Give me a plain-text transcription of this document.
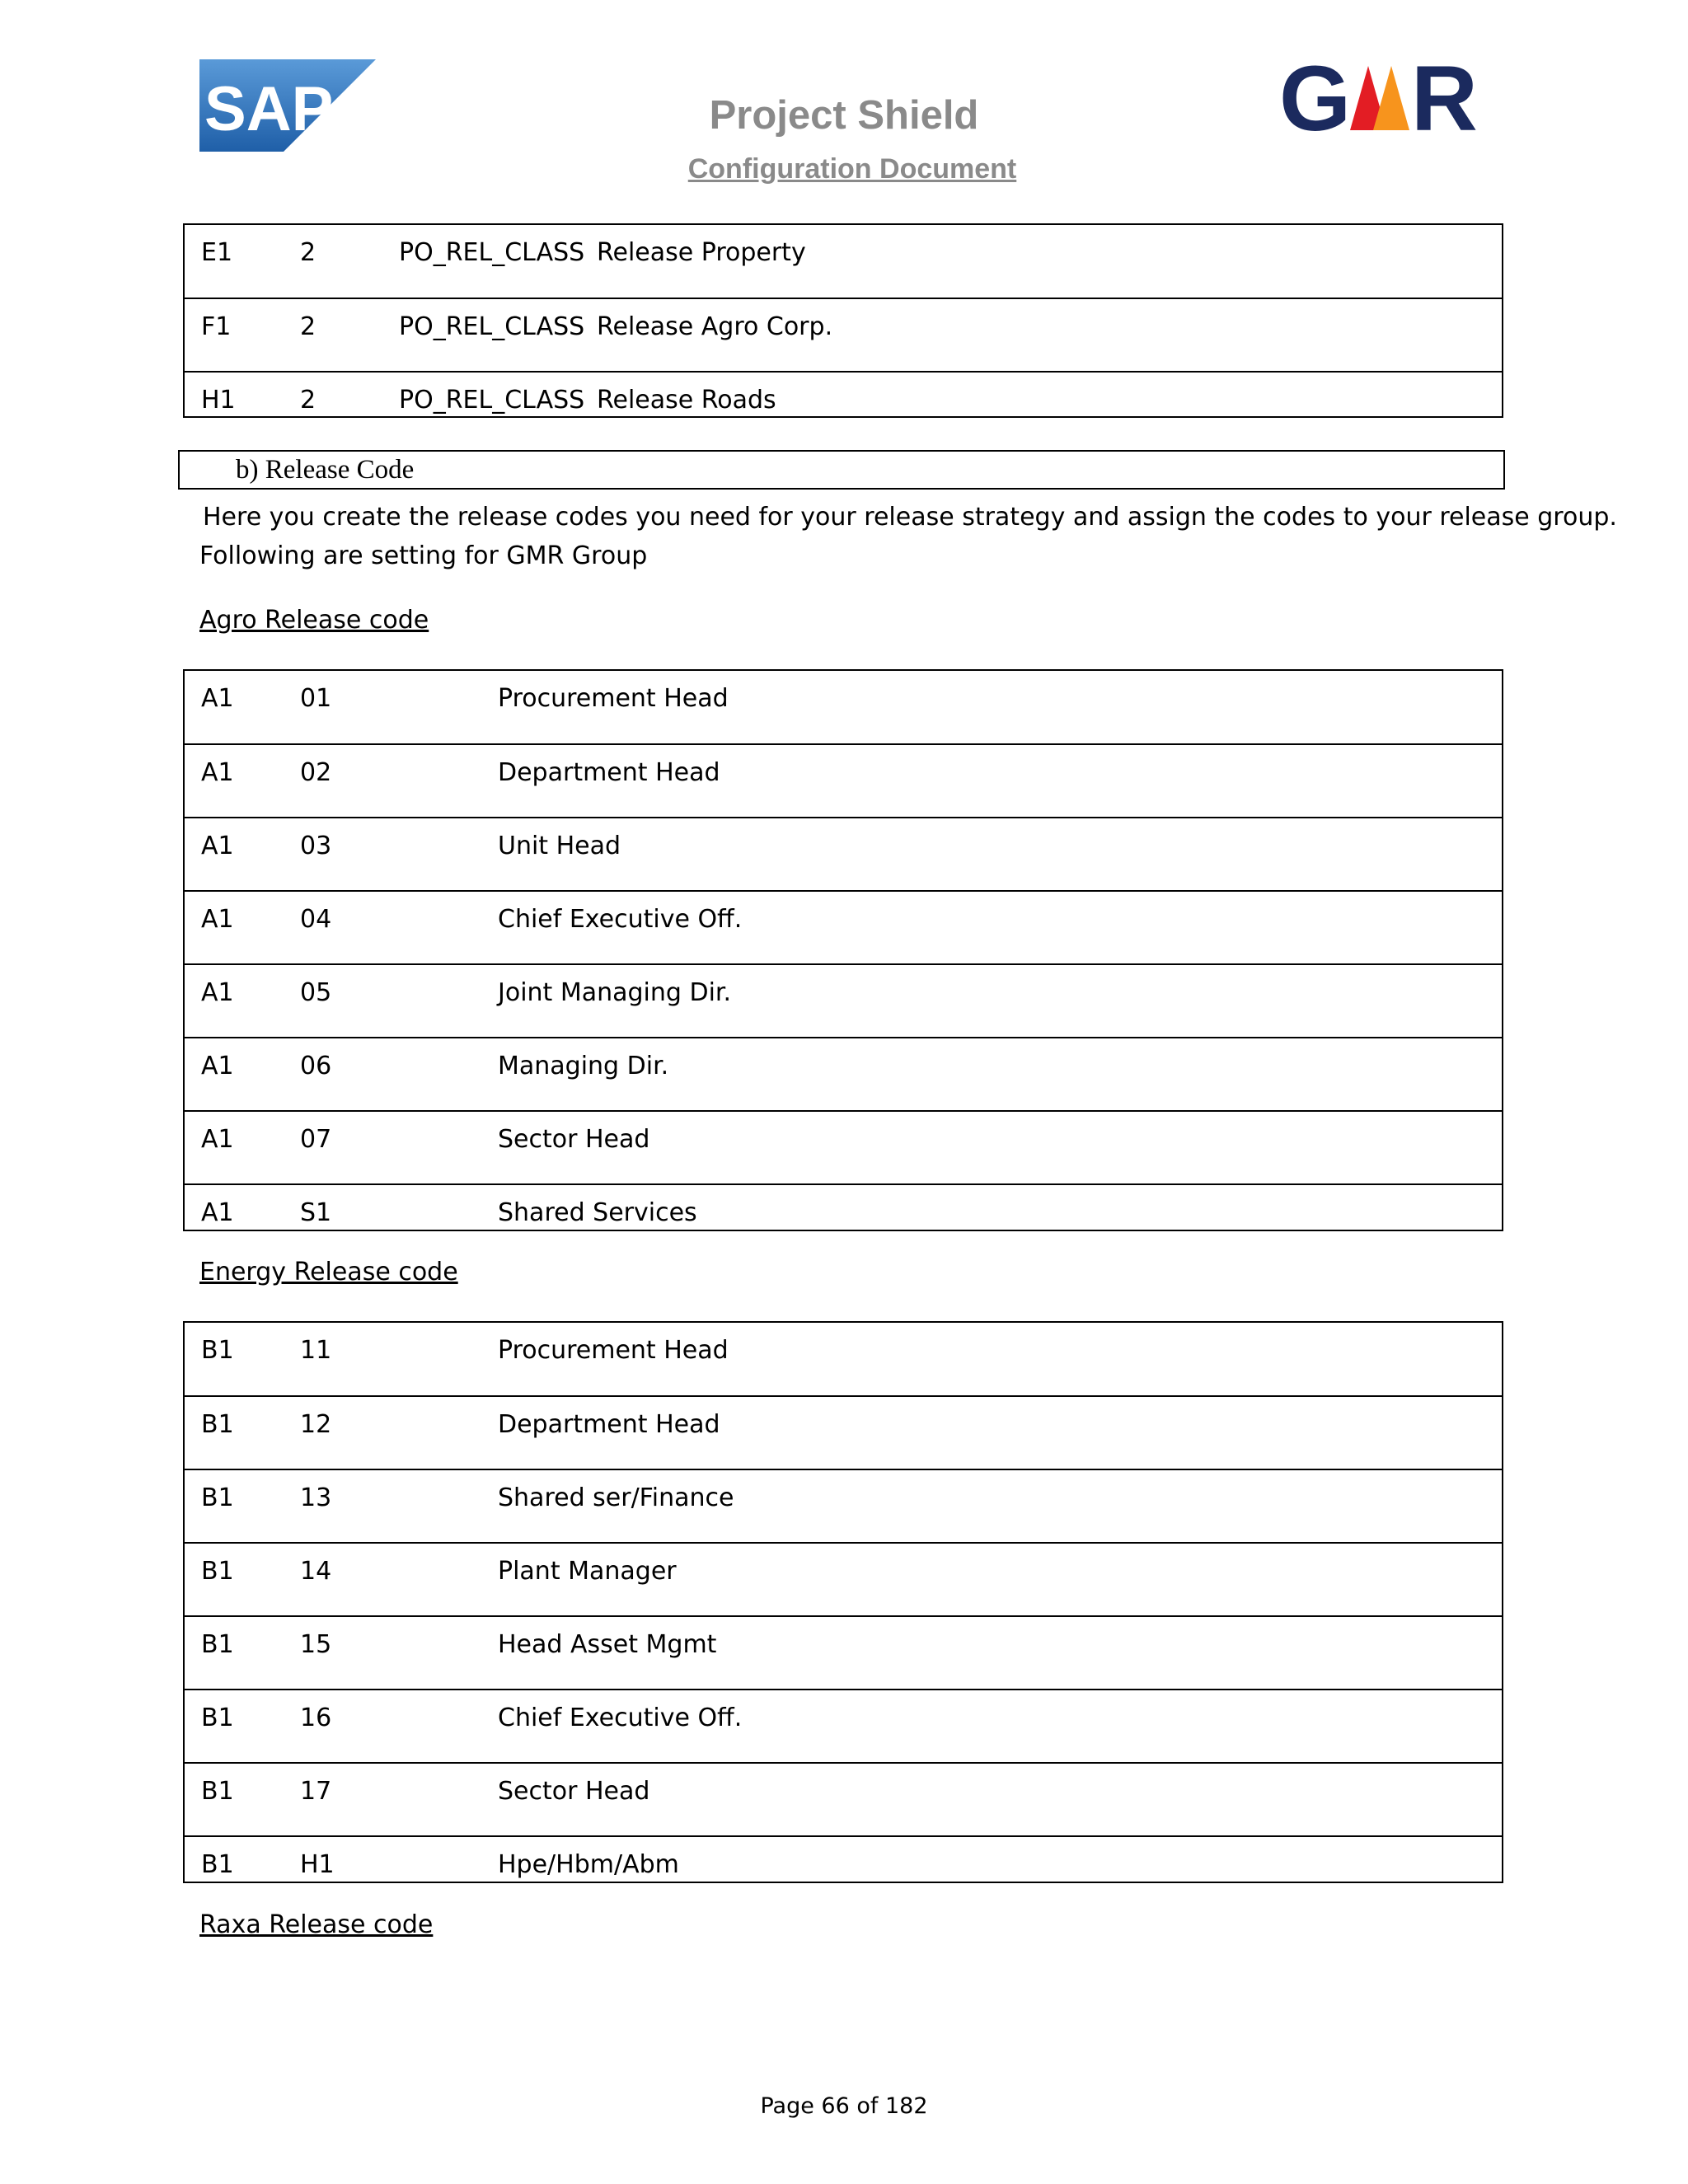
SAP	G R
Project Shield
Configuration Document
E1	2	PO_REL_CLASS Release Property
F1	2	PO_REL_CLASS Release Agro Corp.
H1	2	PO_REL_CLASS Release Roads
b) Release Code
Here you create the release codes you need for your release strategy and assign the codes to your release group.
Following are setting for GMR Group
Agro Release code
A1	01	Procurement Head
A1	02	Department Head
A1	03	Unit Head
A1	04	Chief Executive Off.
A1	05	Joint Managing Dir.
A1	06	Managing Dir.
A1	07	Sector Head
A1	S1	Shared Services
Energy Release code
B1	11	Procurement Head
B1	12	Department Head
B1	13	Shared ser/Finance
B1	14	Plant Manager
B1	15	Head Asset Mgmt
B1	16	Chief Executive Off.
B1	17	Sector Head
B1	H1	Hpe/Hbm/Abm
Raxa Release code
Page 66 of 182
